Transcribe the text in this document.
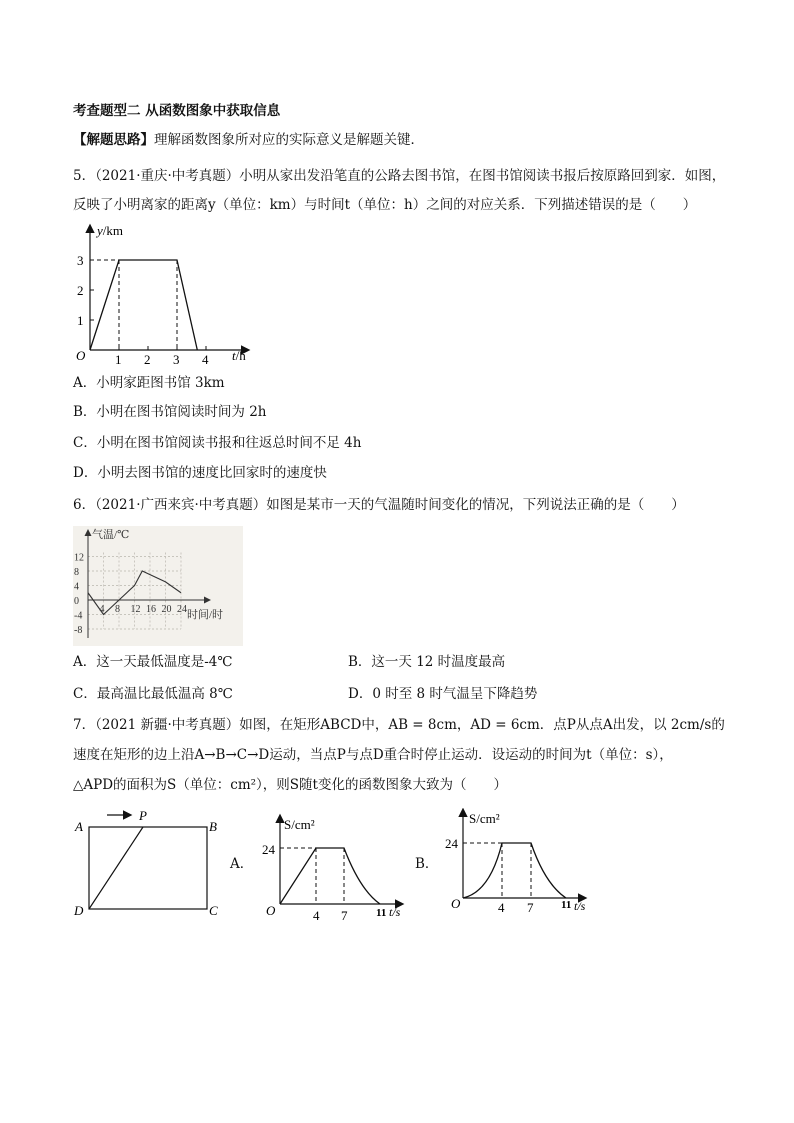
考查题型二 从函数图象中获取信息
【解题思路】理解函数图象所对应的实际意义是解题关键．
5．（2021·重庆·中考真题）小明从家出发沿笔直的公路去图书馆，在图书馆阅读书报后按原路回到家．如图，
反映了小明离家的距离y（单位：km）与时间t（单位：h）之间的对应关系．下列描述错误的是（　　）
y/km
t/h
O 1 2 3 4
1
2
3
A．小明家距图书馆 3km
B．小明在图书馆阅读时间为 2h
C．小明在图书馆阅读书报和往返总时间不足 4h
D．小明去图书馆的速度比回家时的速度快
6．（2021·广西来宾·中考真题）如图是某市一天的气温随时间变化的情况，下列说法正确的是（　　）
气温/℃
时间/时
12
8
4
0
-4
-8
4 8 12 16 20 24
A．这一天最低温度是-4℃	B．这一天 12 时温度最高
C．最高温比最低温高 8℃	D．0 时至 8 时气温呈下降趋势
7．（2021 新疆·中考真题）如图，在矩形ABCD中，AB = 8cm，AD = 6cm．点P从点A出发，以 2cm/s的
速度在矩形的边上沿A→B→C→D运动，当点P与点D重合时停止运动．设运动的时间为t（单位：s），
△APD的面积为S（单位：cm²），则S随t变化的函数图象大致为（　　）
A	B
C
D
P
A．
S/cm²
t/s
O
24
4 7	11
B．
S/cm²
t/s
O
24
4 7	11
